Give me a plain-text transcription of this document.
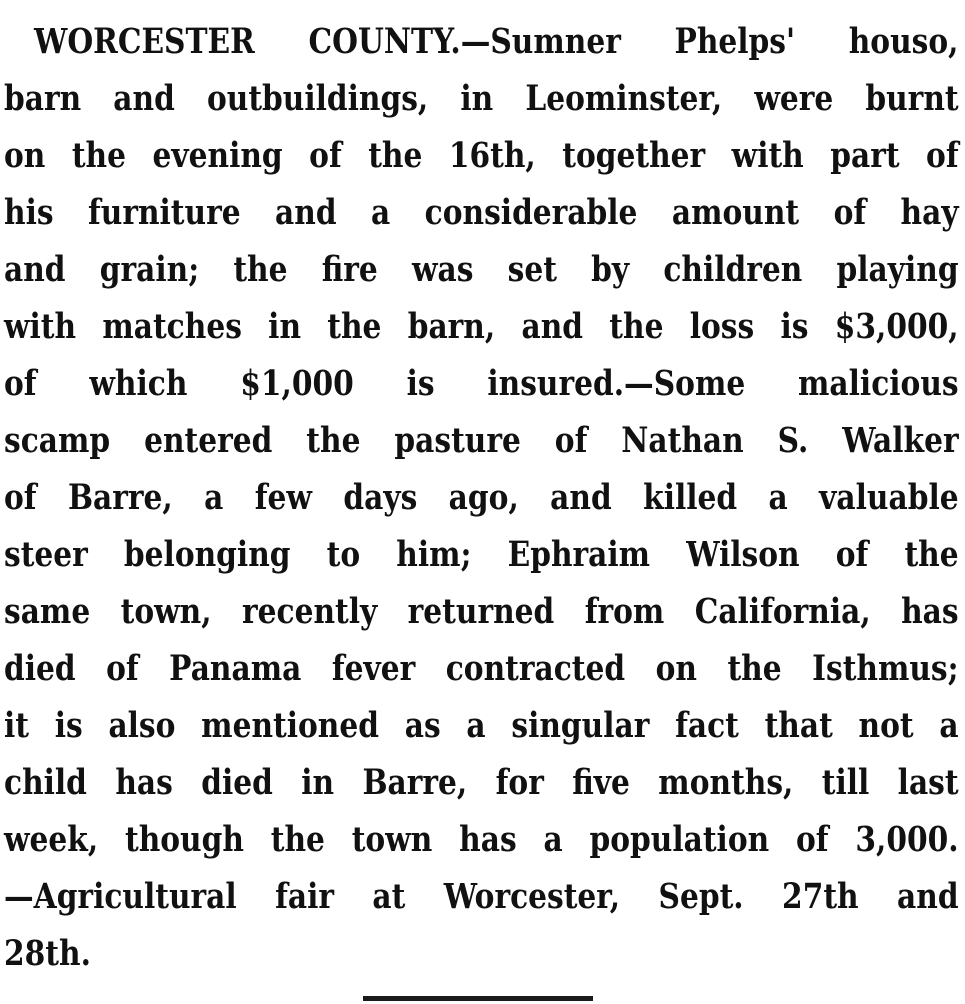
WORCESTER COUNTY.—Sumner Phelps' houso,
barn and outbuildings, in Leominster, were burnt
on the evening of the 16th, together with part of
his furniture and a considerable amount of hay
and grain; the fire was set by children playing
with matches in the barn, and the loss is $3,000,
of which $1,000 is insured.—Some malicious
scamp entered the pasture of Nathan S. Walker
of Barre, a few days ago, and killed a valuable
steer belonging to him; Ephraim Wilson of the
same town, recently returned from California, has
died of Panama fever contracted on the Isthmus;
it is also mentioned as a singular fact that not a
child has died in Barre, for five months, till last
week, though the town has a population of 3,000.
—Agricultural fair at Worcester, Sept. 27th and
28th.
